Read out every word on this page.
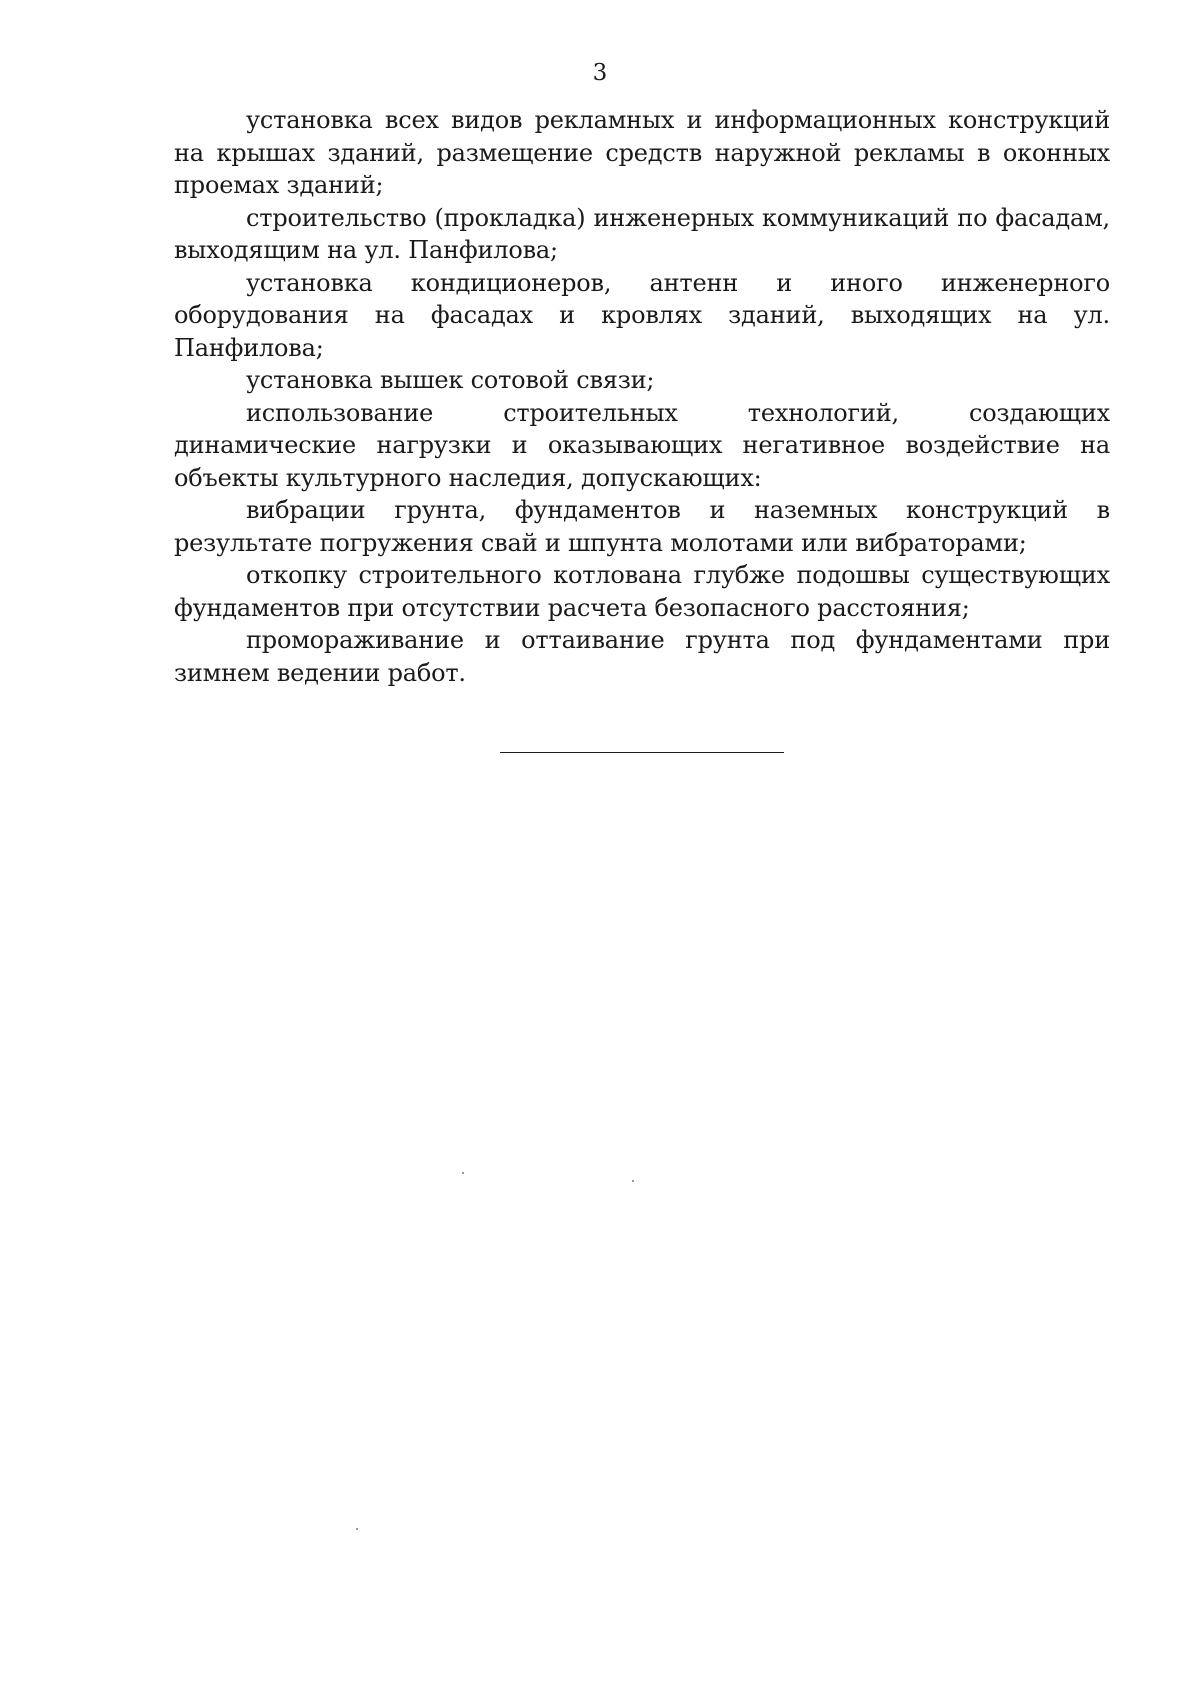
3

установка всех видов рекламных и информационных конструкций на крышах зданий, размещение средств наружной рекламы в оконных проемах зданий;

строительство (прокладка) инженерных коммуникаций по фасадам, выходящим на ул. Панфилова;

установка кондиционеров, антенн и иного инженерного оборудования на фасадах и кровлях зданий, выходящих на ул. Панфилова;

установка вышек сотовой связи;

использование строительных технологий, создающих динамические нагрузки и оказывающих негативное воздействие на объекты культурного наследия, допускающих:

вибрации грунта, фундаментов и наземных конструкций в результате погружения свай и шпунта молотами или вибраторами;

откопку строительного котлована глубже подошвы существующих фундаментов при отсутствии расчета безопасного расстояния;

промораживание и оттаивание грунта под фундаментами при зимнем ведении работ.
